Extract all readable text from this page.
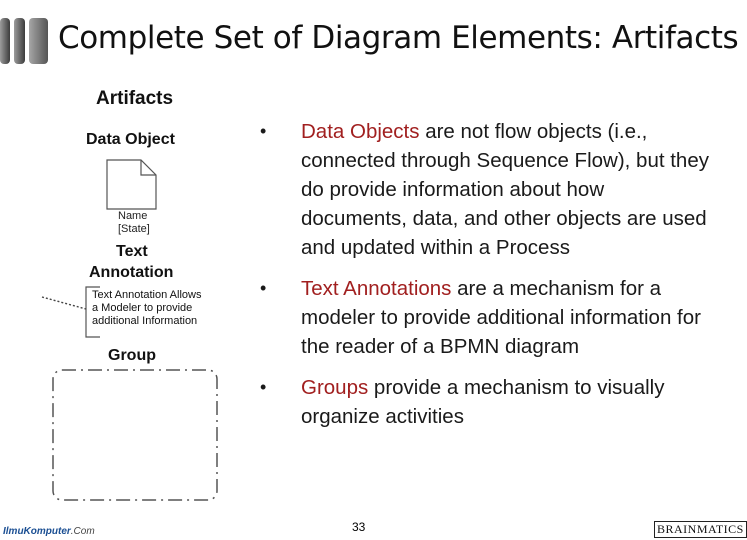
Complete Set of Diagram Elements: Artifacts
Artifacts
Data Object
Name
[State]
Text
Annotation
Text Annotation Allows
a Modeler to provide
additional Information
Group
• Data Objects are not flow objects (i.e., connected through Sequence Flow), but they do provide information about how documents, data, and other objects are used and updated within a Process
• Text Annotations are a mechanism for a modeler to provide additional information for the reader of a BPMN diagram
• Groups provide a mechanism to visually organize activities
IlmuKomputer.Com	33	BRAINMATICS
